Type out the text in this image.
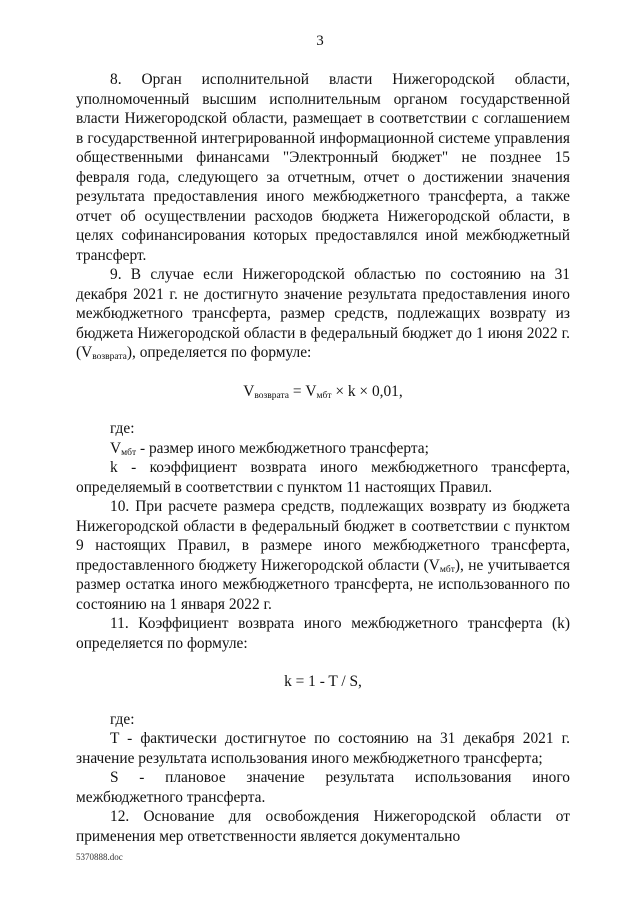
3

8. Орган исполнительной власти Нижегородской области, уполномоченный высшим исполнительным органом государственной власти Нижегородской области, размещает в соответствии с соглашением в государственной интегрированной информационной системе управления общественными финансами "Электронный бюджет" не позднее 15 февраля года, следующего за отчетным, отчет о достижении значения результата предоставления иного межбюджетного трансферта, а также отчет об осуществлении расходов бюджета Нижегородской области, в целях софинансирования которых предоставлялся иной межбюджетный трансферт.

9. В случае если Нижегородской областью по состоянию на 31 декабря 2021 г. не достигнуто значение результата предоставления иного межбюджетного трансферта, размер средств, подлежащих возврату из бюджета Нижегородской области в федеральный бюджет до 1 июня 2022 г. $(V_{возврата})$, определяется по формуле:

$V_{возврата} = V_{мбт} \times k \times 0,01$,

где:

$V_{мбт}$ - размер иного межбюджетного трансферта;

k - коэффициент возврата иного межбюджетного трансферта, определяемый в соответствии с пунктом 11 настоящих Правил.

10. При расчете размера средств, подлежащих возврату из бюджета Нижегородской области в федеральный бюджет в соответствии с пунктом 9 настоящих Правил, в размере иного межбюджетного трансферта, предоставленного бюджету Нижегородской области $(V_{мбт})$, не учитывается размер остатка иного межбюджетного трансферта, не использованного по состоянию на 1 января 2022 г.

11. Коэффициент возврата иного межбюджетного трансферта (k) определяется по формуле:

k = 1 - T / S,

где:

T - фактически достигнутое по состоянию на 31 декабря 2021 г. значение результата использования иного межбюджетного трансферта;

S - плановое значение результата использования иного межбюджетного трансферта.

12. Основание для освобождения Нижегородской области от применения мер ответственности является документально

5370888.doc
